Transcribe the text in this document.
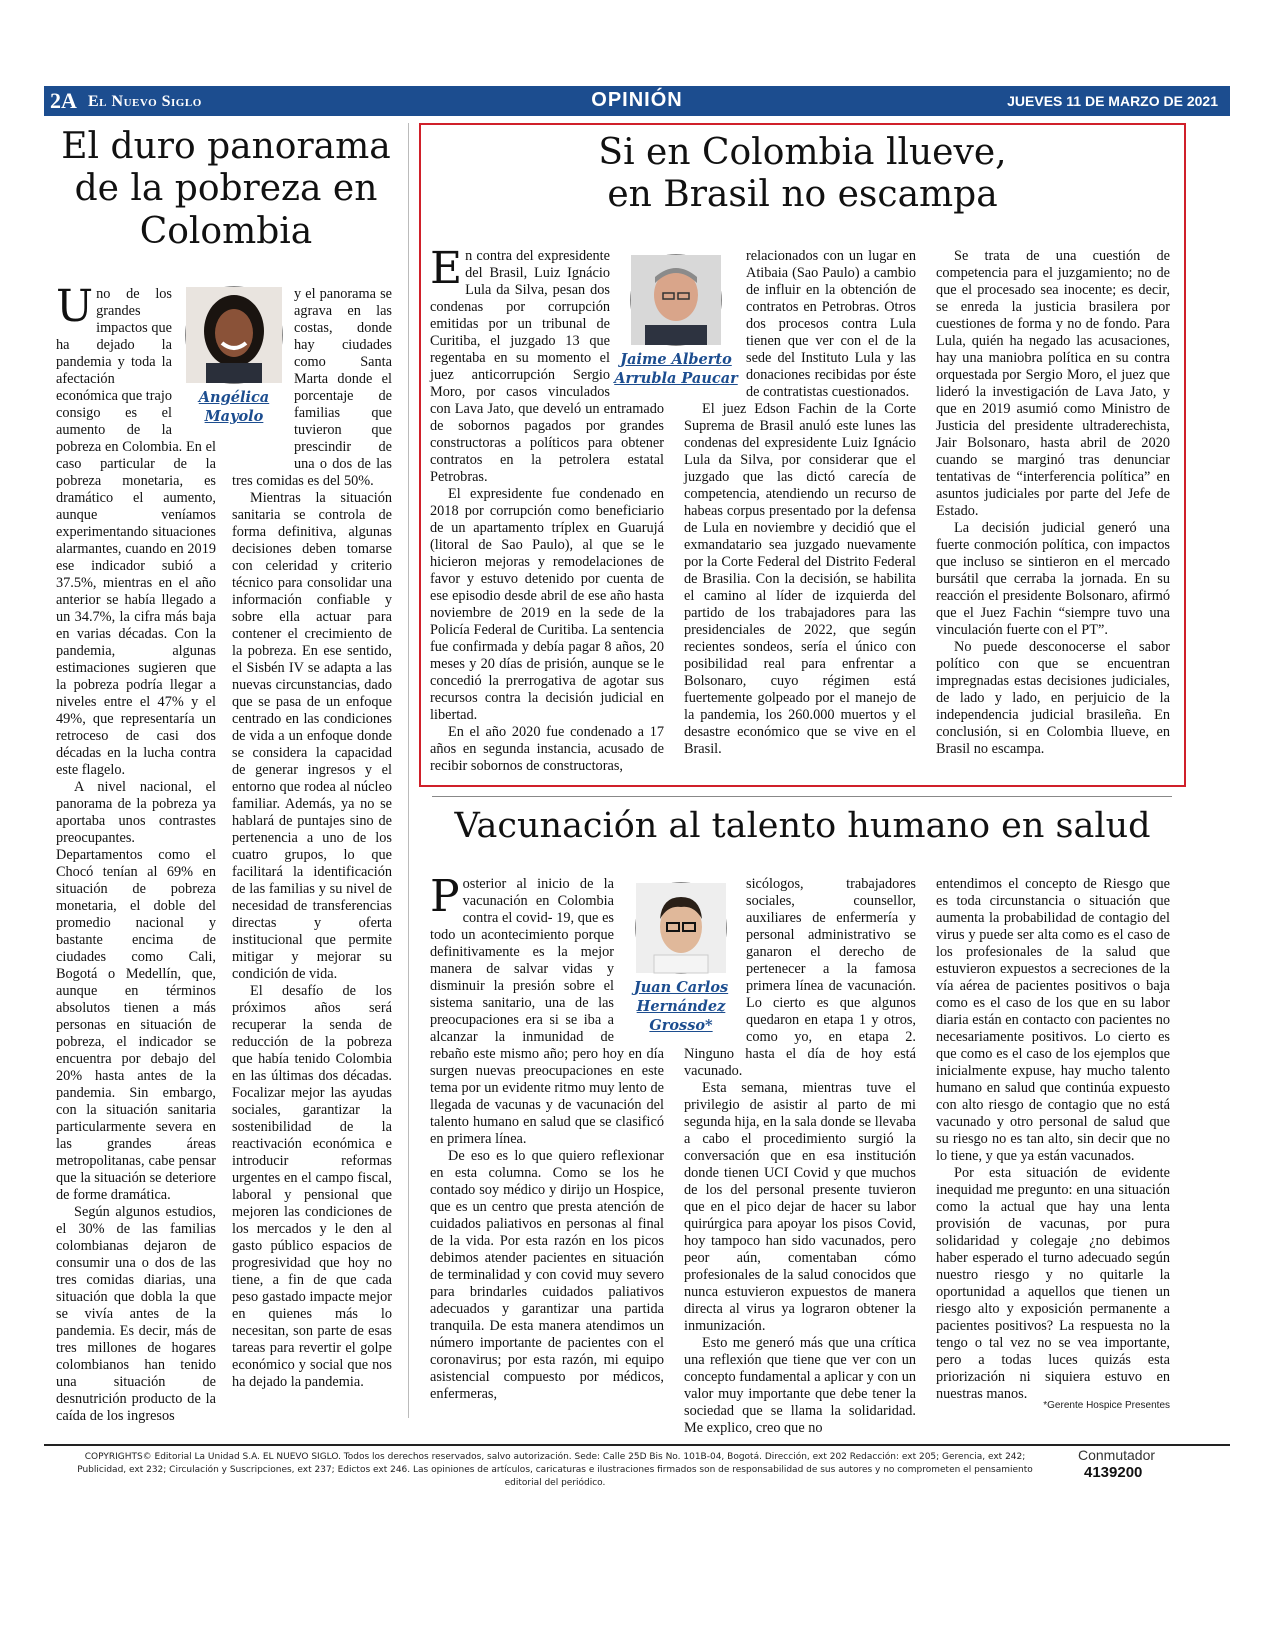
2A El Nuevo Siglo	OPINIÓN	JUEVES 11 DE MARZO DE 2021
El duro panorama de la pobreza en Colombia

Uno de los grandes impactos que ha dejado la pandemia y toda la afectación económica que trajo consigo es el aumento de la pobreza en Colombia. En el caso particular de la pobreza monetaria, es dramático el aumento, aunque veníamos experimentando situaciones alarmantes, cuando en 2019 ese indicador subió a 37.5%, mientras en el año anterior se había llegado a un 34.7%, la cifra más baja en varias décadas. Con la pandemia, algunas estimaciones sugieren que la pobreza podría llegar a niveles entre el 47% y el 49%, que representaría un retroceso de casi dos décadas en la lucha contra este flagelo.

A nivel nacional, el panorama de la pobreza ya aportaba unos contrastes preocupantes. Departamentos como el Chocó tenían al 69% en situación de pobreza monetaria, el doble del promedio nacional y bastante encima de ciudades como Cali, Bogotá o Medellín, que, aunque en términos absolutos tienen a más personas en situación de pobreza, el indicador se encuentra por debajo del 20% hasta antes de la pandemia. Sin embargo, con la situación sanitaria particularmente severa en las grandes áreas metropolitanas, cabe pensar que la situación se deteriore de forme dramática.

Según algunos estudios, el 30% de las familias colombianas dejaron de consumir una o dos de las tres comidas diarias, una situación que dobla la que se vivía antes de la pandemia. Es decir, más de tres millones de hogares colombianos han tenido una situación de desnutrición producto de la caída de los ingresos

y el panorama se agrava en las costas, donde hay ciudades como Santa Marta donde el porcentaje de familias que tuvieron que prescindir de una o dos de las tres comidas es del 50%.

Mientras la situación sanitaria se controla de forma definitiva, algunas decisiones deben tomarse con celeridad y criterio técnico para consolidar una información confiable y sobre ella actuar para contener el crecimiento de la pobreza. En ese sentido, el Sisbén IV se adapta a las nuevas circunstancias, dado que se pasa de un enfoque centrado en las condiciones de vida a un enfoque donde se considera la capacidad de generar ingresos y el entorno que rodea al núcleo familiar. Además, ya no se hablará de puntajes sino de pertenencia a uno de los cuatro grupos, lo que facilitará la identificación de las familias y su nivel de necesidad de transferencias directas y oferta institucional que permite mitigar y mejorar su condición de vida.

El desafío de los próximos años será recuperar la senda de reducción de la pobreza que había tenido Colombia en las últimas dos décadas. Focalizar mejor las ayudas sociales, garantizar la sostenibilidad de la reactivación económica e introducir reformas urgentes en el campo fiscal, laboral y pensional que mejoren las condiciones de los mercados y le den al gasto público espacios de progresividad que hoy no tiene, a fin de que cada peso gastado impacte mejor en quienes más lo necesitan, son parte de esas tareas para revertir el golpe económico y social que nos ha dejado la pandemia.

Si en Colombia llueve,
en Brasil no escampa

En contra del expresidente del Brasil, Luiz Ignácio Lula da Silva, pesan dos condenas por corrupción emitidas por un tribunal de Curitiba, el juzgado 13 que regentaba en su momento el juez anticorrupción Sergio Moro, por casos vinculados con Lava Jato, que develó un entramado de sobornos pagados por grandes constructoras a políticos para obtener contratos en la petrolera estatal Petrobras.

El expresidente fue condenado en 2018 por corrupción como beneficiario de un apartamento tríplex en Guarujá (litoral de Sao Paulo), al que se le hicieron mejoras y remodelaciones de favor y estuvo detenido por cuenta de ese episodio desde abril de ese año hasta noviembre de 2019 en la sede de la Policía Federal de Curitiba. La sentencia fue confirmada y debía pagar 8 años, 20 meses y 20 días de prisión, aunque se le concedió la prerrogativa de agotar sus recursos contra la decisión judicial en libertad.

En el año 2020 fue condenado a 17 años en segunda instancia, acusado de recibir sobornos de constructoras,

Jaime Alberto Arrubla Paucar

relacionados con un lugar en Atibaia (Sao Paulo) a cambio de influir en la obtención de contratos en Petrobras. Otros dos procesos contra Lula tienen que ver con el de la sede del Instituto Lula y las donaciones recibidas por éste de contratistas cuestionados.

El juez Edson Fachin de la Corte Suprema de Brasil anuló este lunes las condenas del expresidente Luiz Ignácio Lula da Silva, por considerar que el juzgado que las dictó carecía de competencia, atendiendo un recurso de habeas corpus presentado por la defensa de Lula en noviembre y decidió que el exmandatario sea juzgado nuevamente por la Corte Federal del Distrito Federal de Brasilia. Con la decisión, se habilita el camino al líder de izquierda del partido de los trabajadores para las presidenciales de 2022, que según recientes sondeos, sería el único con posibilidad real para enfrentar a Bolsonaro, cuyo régimen está fuertemente golpeado por el manejo de la pandemia, los 260.000 muertos y el desastre económico que se vive en el Brasil.

Se trata de una cuestión de competencia para el juzgamiento; no de que el procesado sea inocente; es decir, se enreda la justicia brasilera por cuestiones de forma y no de fondo. Para Lula, quién ha negado las acusaciones, hay una maniobra política en su contra orquestada por Sergio Moro, el juez que lideró la investigación de Lava Jato, y que en 2019 asumió como Ministro de Justicia del presidente ultraderechista, Jair Bolsonaro, hasta abril de 2020 cuando se marginó tras denunciar tentativas de “interferencia política” en asuntos judiciales por parte del Jefe de Estado.

La decisión judicial generó una fuerte conmoción política, con impactos que incluso se sintieron en el mercado bursátil que cerraba la jornada. En su reacción el presidente Bolsonaro, afirmó que el Juez Fachin “siempre tuvo una vinculación fuerte con el PT”.

No puede desconocerse el sabor político con que se encuentran impregnadas estas decisiones judiciales, de lado y lado, en perjuicio de la independencia judicial brasileña. En conclusión, si en Colombia llueve, en Brasil no escampa.

Vacunación al talento humano en salud

Posterior al inicio de la vacunación en Colombia contra el covid- 19, que es todo un acontecimiento porque definitivamente es la mejor manera de salvar vidas y disminuir la presión sobre el sistema sanitario, una de las preocupaciones era si se iba a alcanzar la inmunidad de rebaño este mismo año; pero hoy en día surgen nuevas preocupaciones en este tema por un evidente ritmo muy lento de llegada de vacunas y de vacunación del talento humano en salud que se clasificó en primera línea.

De eso es lo que quiero reflexionar en esta columna. Como se los he contado soy médico y dirijo un Hospice, que es un centro que presta atención de cuidados paliativos en personas al final de la vida. Por esta razón en los picos debimos atender pacientes en situación de terminalidad y con covid muy severo para brindarles cuidados paliativos adecuados y garantizar una partida tranquila. De esta manera atendimos un número importante de pacientes con el coronavirus; por esta razón, mi equipo asistencial compuesto por médicos, enfermeras,

Juan Carlos Hernández Grosso*

sicólogos, trabajadores sociales, counsellor, auxiliares de enfermería y personal administrativo se ganaron el derecho de pertenecer a la famosa primera línea de vacunación. Lo cierto es que algunos quedaron en etapa 1 y otros, como yo, en etapa 2. Ninguno hasta el día de hoy está vacunado.

Esta semana, mientras tuve el privilegio de asistir al parto de mi segunda hija, en la sala donde se llevaba a cabo el procedimiento surgió la conversación que en esa institución donde tienen UCI Covid y que muchos de los del personal presente tuvieron que en el pico dejar de hacer su labor quirúrgica para apoyar los pisos Covid, hoy tampoco han sido vacunados, pero peor aún, comentaban cómo profesionales de la salud conocidos que nunca estuvieron expuestos de manera directa al virus ya lograron obtener la inmunización.

Esto me generó más que una crítica una reflexión que tiene que ver con un concepto fundamental a aplicar y con un valor muy importante que debe tener la sociedad que se llama la solidaridad. Me explico, creo que no

entendimos el concepto de Riesgo que es toda circunstancia o situación que aumenta la probabilidad de contagio del virus y puede ser alta como es el caso de los profesionales de la salud que estuvieron expuestos a secreciones de la vía aérea de pacientes positivos o baja como es el caso de los que en su labor diaria están en contacto con pacientes no necesariamente positivos. Lo cierto es que como es el caso de los ejemplos que inicialmente expuse, hay mucho talento humano en salud que continúa expuesto con alto riesgo de contagio que no está vacunado y otro personal de salud que su riesgo no es tan alto, sin decir que no lo tiene, y que ya están vacunados.

Por esta situación de evidente inequidad me pregunto: en una situación como la actual que hay una lenta provisión de vacunas, por pura solidaridad y colegaje ¿no debimos haber esperado el turno adecuado según nuestro riesgo y no quitarle la oportunidad a aquellos que tienen un riesgo alto y exposición permanente a pacientes positivos? La respuesta no la tengo o tal vez no se vea importante, pero a todas luces quizás esta priorización ni siquiera estuvo en nuestras manos.

*Gerente Hospice Presentes
COPYRIGHTS© Editorial La Unidad S.A. EL NUEVO SIGLO. Todos los derechos reservados, salvo autorización. Sede: Calle 25D Bis No. 101B-04, Bogotá. Dirección, ext 202 Redacción: ext 205; Gerencia, ext 242; Publicidad, ext 232; Circulación y Suscripciones, ext 237; Edictos ext 246. Las opiniones de artículos, caricaturas e ilustraciones firmados son de responsabilidad de sus autores y no comprometen el pensamiento editorial del periódico.
Conmutador
4139200
Angélica Mayolo
